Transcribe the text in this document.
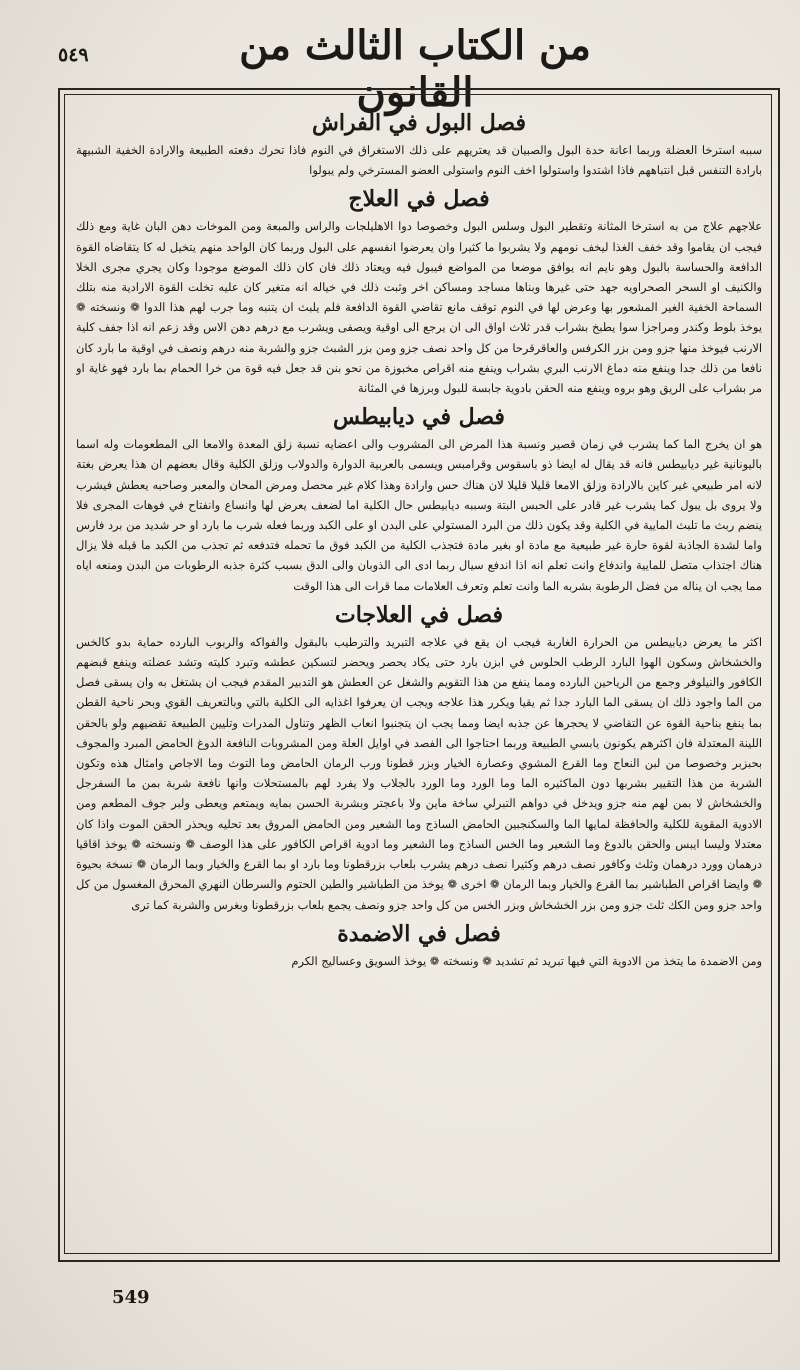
٥٤٩	من الكتاب الثالث من القانون
فصل البول في الفراش

سببه استرخا العضلة وربما اعانة حدة البول والصبيان قد يعتريهم على ذلك الاستغراق في النوم فاذا تحرك دفعته الطبيعة والارادة الخفية الشبيهة بارادة التنفس قبل انتباههم فاذا اشتدوا واستولوا اخف النوم واستولى العضو المسترخي ولم يبولوا

فصل في العلاج

علاجهم علاج من به استرخا المثانة وتقطير البول وسلس البول وخصوصا دوا الاهليلجات والراس والمبعة ومن الموخات دهن البان غاية ومع ذلك فيجب ان يقاموا وقد خفف الغذا ليخف نومهم ولا يشربوا ما كثيرا وان يعرضوا انفسهم على البول وربما كان الواحد منهم يتخيل له كا يتقاضاه القوة الدافعة والحساسة بالبول وهو نايم انه يوافق موضعا من المواضع فيبول فيه ويعتاد ذلك فان كان ذلك الموضع موجودا وكان يجري مجرى الخلا والكنيف او السحر الصحراويه جهد حتى غيرها وبناها مساجد ومساكن اخر وثبت ذلك في خياله انه متغير كان عليه تخلت القوة الارادية منه بتلك السماحة الخفية الغير المشعور بها وعرض لها في النوم توقف مانع تقاضي القوة الدافعة فلم يلبث ان يتنبه وما جرب لهم هذا الدوا ❁ ونسخته ❁ يوخذ بلوط وكندر ومراجزا سوا يطبخ بشراب قدر ثلاث اواق الى ان يرجع الى اوقية ويصفى ويشرب مع درهم دهن الاس وقد زعم انه اذا جفف كلية الارنب فيوخذ منها جزو ومن بزر الكرفس والعاقرقرحا من كل واحد نصف جزو ومن بزر الشبث جزو والشربة منه درهم ونصف في اوقية ما بارد كان نافعا من ذلك جدا وينفع منه دماغ الارنب البري بشراب وينفع منه اقراص مخبوزة من نحو بنن قد جعل فيه قوة من خرا الحمام بما بارد فهو غاية او مر بشراب على الريق وهو بروه وينفع منه الحقن بادوية جابسة للبول وبرزها في المثانة

فصل في ديابيطس

هو ان يخرج الما كما يشرب في زمان قصير ونسبة هذا المرض الى المشروب والى اعضايه نسبة زلق المعدة والامعا الى المطعومات وله اسما باليونانية غير ديابيطس فانه قد يقال له ايضا ذو باسقوس وقرامبس ويسمى بالعربية الدوارة والدولاب وزلق الكلية وقال بعضهم ان هذا يعرض بغتة لانه امر طبيعي غير كاين بالارادة وزلق الامعا قليلا قليلا لان هناك حس وارادة وهذا كلام غير محصل ومرض المحان والمعبر وصاحبه يعطش فيشرب ولا يروى بل يبول كما يشرب غير قادر على الحبس البتة وسببه ديابيطس حال الكلية اما لضعف يعرض لها وانساع وانفتاح في فوهات المجرى فلا ينضم ربث ما تلبث المايية في الكلية وقد يكون ذلك من البرد المستولي على البدن او على الكبد وربما فعله شرب ما بارد او حر شديد من برد فارس واما لشدة الجاذبة لقوة حارة غير طبيعية مع مادة او بغير مادة فتجذب الكلية من الكبد فوق ما تحمله فتدفعه ثم تجذب من الكبد ما قبله فلا يزال هناك اجتذاب متصل للمايية واندفاع وانت تعلم انه اذا اندفع سيال ربما ادى الى الذوبان والى الدق بسبب كثرة جذبه الرطوبات من البدن ومنعه اياه مما يجب ان يناله من فضل الرطوبة بشربه الما وانت تعلم وتعرف العلامات مما قرات الى هذا الوقت

فصل في العلاجات

اكثر ما يعرض ديابيطس من الحرارة الغاربة فيجب ان يقع في علاجه التبريد والترطيب بالبقول والفواكه والربوب البارده حماية بدو كالخس والخشخاش وسكون الهوا البارد الرطب الحلوس في ابزن بارد حتى يكاد يحصر ويحضر لتسكين عطشه وتبرد كليته وتشد عضلته وينفع قبضهم الكافور والنيلوفر وجمع من الرياحين البارده ومما ينفع من هذا التقويم والشغل عن العطش هو التدبير المقدم فيجب ان يشتغل به وان يسقى فصل من الما واجود ذلك ان يسقى الما البارد جدا ثم يقيا ويكرر هذا علاجه ويجب ان يعرفوا اغذايه الى الكلية بالتي وبالتعريف القوي وبحر ناحية القطن بما ينفع بناحية القوة عن التقاضي لا يحجرها عن جذبه ايضا ومما يجب ان يتجنبوا انعاب الظهر وتناول المدرات وتليين الطبيعة تقضيهم ولو بالحقن اللينة المعتدلة فان اكثرهم يكونون يابسي الطبيعة وربما احتاجوا الى الفصد في اوايل العلة ومن المشروبات النافعة الدوغ الحامض المبرد والمجوف بحبزبر وخصوصا من لبن النعاج وما القرع المشوي وعصارة الخيار وبزر قطونا ورب الرمان الحامض وما التوث وما الاجاص وامثال هذه وتكون الشربة من هذا التقيير بشربها دون الماكثيره الما وما الورد وما الورد بالجلاب ولا يفرد لهم بالمستحلات وانها نافعة شربة بمن ما السفرجل والخشخاش لا بمن لهم منه جزو ويدخل في دواهم التبرلي ساخة ماين ولا باعجتر وبشربة الحسن بمايه ويمتعم ويعطى ولبر جوف المطعم ومن الادوية المقوية للكلية والحافظة لمايها الما والسكنجبين الحامض الساذج وما الشعير ومن الحامض المروق بعد تحليه ويحذر الحقن الموت واذا كان معتدلا وليسا ايبس والحقن بالدوغ وما الشعير وما الخس الساذج وما الشعير وما ادوية اقراص الكافور على هذا الوصف ❁ ونسخته ❁ يوخذ اقاقيا درهمان وورد درهمان وثلث وكافور نصف درهم وكثيرا نصف درهم يشرب بلعاب بزرقطونا وما بارد او بما القرع والخيار وبما الرمان ❁ نسخة بحيوة ❁ وايضا اقراص الطباشير بما القرع والخيار وبما الرمان ❁ اخرى ❁ يوخذ من الطباشير والطين الحتوم والسرطان النهري المحرق المغسول من كل واحد جزو ومن الكك ثلث جزو ومن بزر الخشخاش وبزر الخس من كل واحد جزو ونصف يجمع بلعاب بزرقطونا وبغرس والشربة كما ترى

فصل في الاضمدة

ومن الاضمدة ما يتخذ من الادوية التي فيها تبريد ثم تشديد ❁ ونسخته ❁ يوخذ السويق وعساليج الكرم

549
